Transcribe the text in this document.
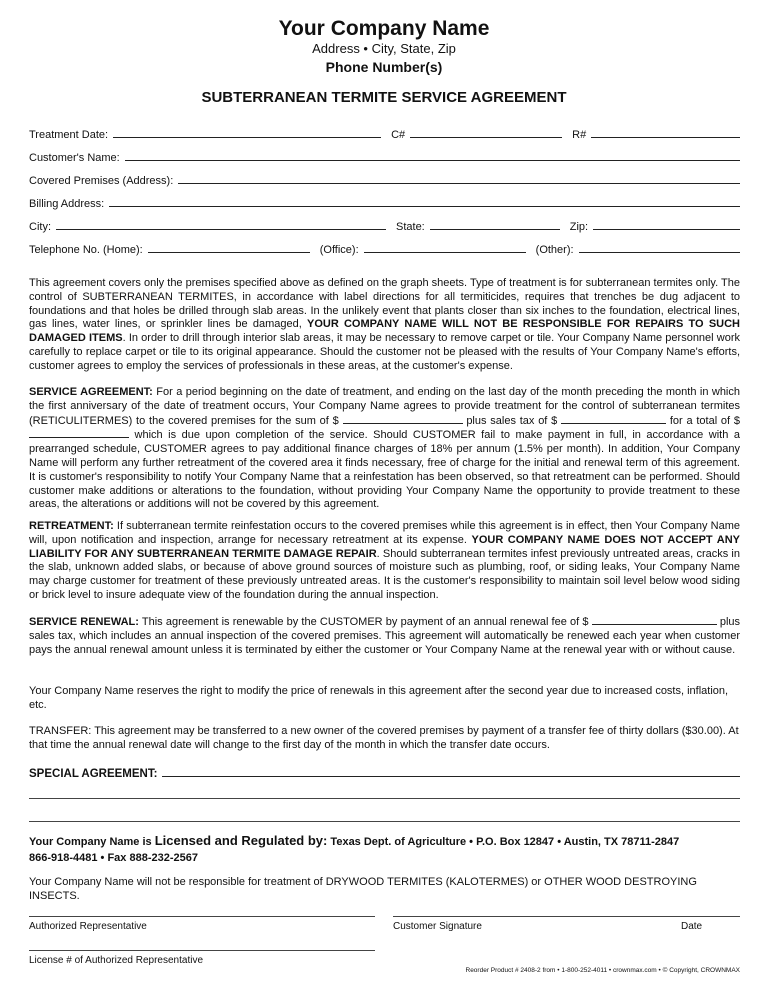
Your Company Name
Address • City, State, Zip
Phone Number(s)
SUBTERRANEAN TERMITE SERVICE AGREEMENT
Treatment Date:	C#	R#
Customer's Name:
Covered Premises (Address):
Billing Address:
City:	State:	Zip:
Telephone No. (Home):	(Office):	(Other):

This agreement covers only the premises specified above as defined on the graph sheets. Type of treatment is for subterranean termites only. The control of SUBTERRANEAN TERMITES, in accordance with label directions for all termiticides, requires that trenches be dug adjacent to foundations and that holes be drilled through slab areas. In the unlikely event that plants closer than six inches to the foundation, electrical lines, gas lines, water lines, or sprinkler lines be damaged, YOUR COMPANY NAME WILL NOT BE RESPONSIBLE FOR REPAIRS TO SUCH DAMAGED ITEMS. In order to drill through interior slab areas, it may be necessary to remove carpet or tile. Your Company Name personnel work carefully to replace carpet or tile to its original appearance. Should the customer not be pleased with the results of Your Company Name's efforts, customer agrees to employ the services of professionals in these areas, at the customer's expense.

SERVICE AGREEMENT: For a period beginning on the date of treatment, and ending on the last day of the month preceding the month in which the first anniversary of the date of treatment occurs, Your Company Name agrees to provide treatment for the control of subterranean termites (RETICULITERMES) to the covered premises for the sum of $	plus sales tax of $	for a total of $  which is due upon completion of the service. Should CUSTOMER fail to make payment in full, in accordance with a prearranged schedule, CUSTOMER agrees to pay additional finance charges of 18% per annum (1.5% per month). In addition, Your Company Name will perform any further retreatment of the covered area it finds necessary, free of charge for the initial and renewal term of this agreement. It is customer's responsibility to notify Your Company Name that a reinfestation has been observed, so that retreatment can be performed. Should customer make additions or alterations to the foundation, without providing Your Company Name the opportunity to provide treatment to these areas, the alterations or additions will not be covered by this agreement.

RETREATMENT: If subterranean termite reinfestation occurs to the covered premises while this agreement is in effect, then Your Company Name will, upon notification and inspection, arrange for necessary retreatment at its expense. YOUR COMPANY NAME DOES NOT ACCEPT ANY LIABILITY FOR ANY SUBTERRANEAN TERMITE DAMAGE REPAIR. Should subterranean termites infest previously untreated areas, cracks in the slab, unknown added slabs, or because of above ground sources of moisture such as plumbing, roof, or siding leaks, Your Company Name may charge customer for treatment of these previously untreated areas. It is the customer's responsibility to maintain soil level below wood siding or brick level to insure adequate view of the foundation during the annual inspection.

SERVICE RENEWAL: This agreement is renewable by the CUSTOMER by payment of an annual renewal fee of $	plus sales tax, which includes an annual inspection of the covered premises. This agreement will automatically be renewed each year when customer pays the annual renewal amount unless it is terminated by either the customer or Your Company Name at the renewal year with or without cause.

Your Company Name reserves the right to modify the price of renewals in this agreement after the second year due to increased costs, inflation, etc.

TRANSFER: This agreement may be transferred to a new owner of the covered premises by payment of a transfer fee of thirty dollars ($30.00). At that time the annual renewal date will change to the first day of the month in which the transfer date occurs.

SPECIAL AGREEMENT:

Your Company Name is Licensed and Regulated by: Texas Dept. of Agriculture • P.O. Box 12847 • Austin, TX 78711-2847
866-918-4481 • Fax 888-232-2567

Your Company Name will not be responsible for treatment of DRYWOOD TERMITES (KALOTERMES) or OTHER WOOD DESTROYING INSECTS.

Authorized Representative	Customer Signature	Date
License # of Authorized Representative
Reorder Product # 2408-2 from • 1-800-252-4011 • crownmax.com • © Copyright, CROWNMAX
